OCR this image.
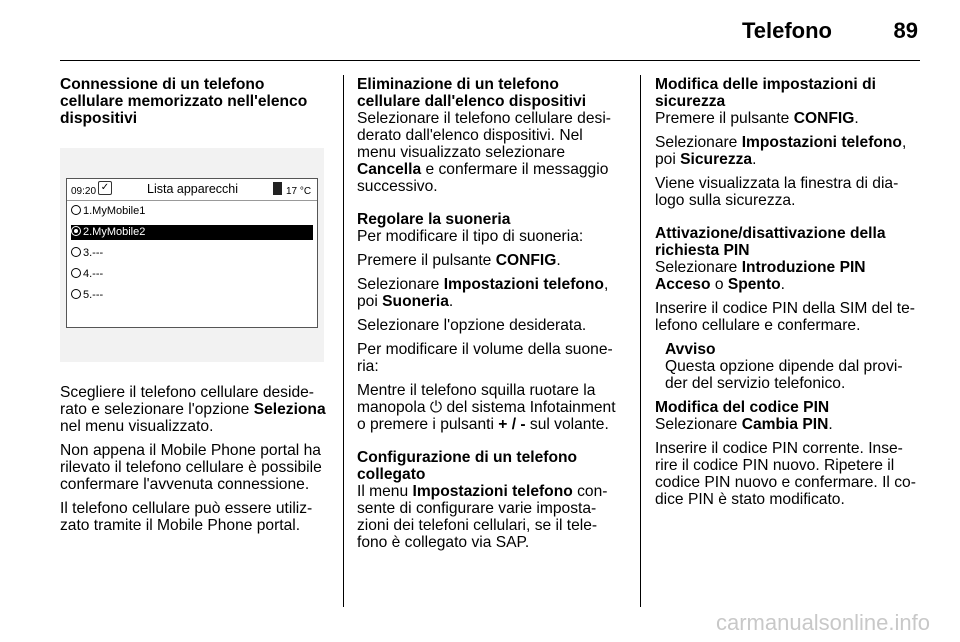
Telefono	89

Connessione di un telefono cellulare memorizzato nell'elenco dispositivi

09:20 ✓	Lista apparecchi	17 °C
1.MyMobile1
2.MyMobile2
3.---
4.---
5.---

Scegliere il telefono cellulare deside-rato e selezionare l'opzione Seleziona nel menu visualizzato.

Non appena il Mobile Phone portal ha rilevato il telefono cellulare è possibile confermare l'avvenuta connessione.

Il telefono cellulare può essere utiliz-zato tramite il Mobile Phone portal.

Eliminazione di un telefono cellulare dall'elenco dispositivi

Selezionare il telefono cellulare desi-derato dall'elenco dispositivi. Nel menu visualizzato selezionare Cancella e confermare il messaggio successivo.

Regolare la suoneria

Per modificare il tipo di suoneria:

Premere il pulsante CONFIG.

Selezionare Impostazioni telefono, poi Suoneria.

Selezionare l'opzione desiderata.

Per modificare il volume della suone-ria:

Mentre il telefono squilla ruotare la manopola ⏻ del sistema Infotainment o premere i pulsanti + / - sul volante.

Configurazione di un telefono collegato

Il menu Impostazioni telefono con-sente di configurare varie imposta-zioni dei telefoni cellulari, se il tele-fono è collegato via SAP.

Modifica delle impostazioni di sicurezza

Premere il pulsante CONFIG.

Selezionare Impostazioni telefono, poi Sicurezza.

Viene visualizzata la finestra di dia-logo sulla sicurezza.

Attivazione/disattivazione della richiesta PIN

Selezionare Introduzione PIN Acceso o Spento.

Inserire il codice PIN della SIM del te-lefono cellulare e confermare.

Avviso

Questa opzione dipende dal provi-der del servizio telefonico.

Modifica del codice PIN

Selezionare Cambia PIN.

Inserire il codice PIN corrente. Inse-rire il codice PIN nuovo. Ripetere il codice PIN nuovo e confermare. Il co-dice PIN è stato modificato.

carmanualsonline.info
